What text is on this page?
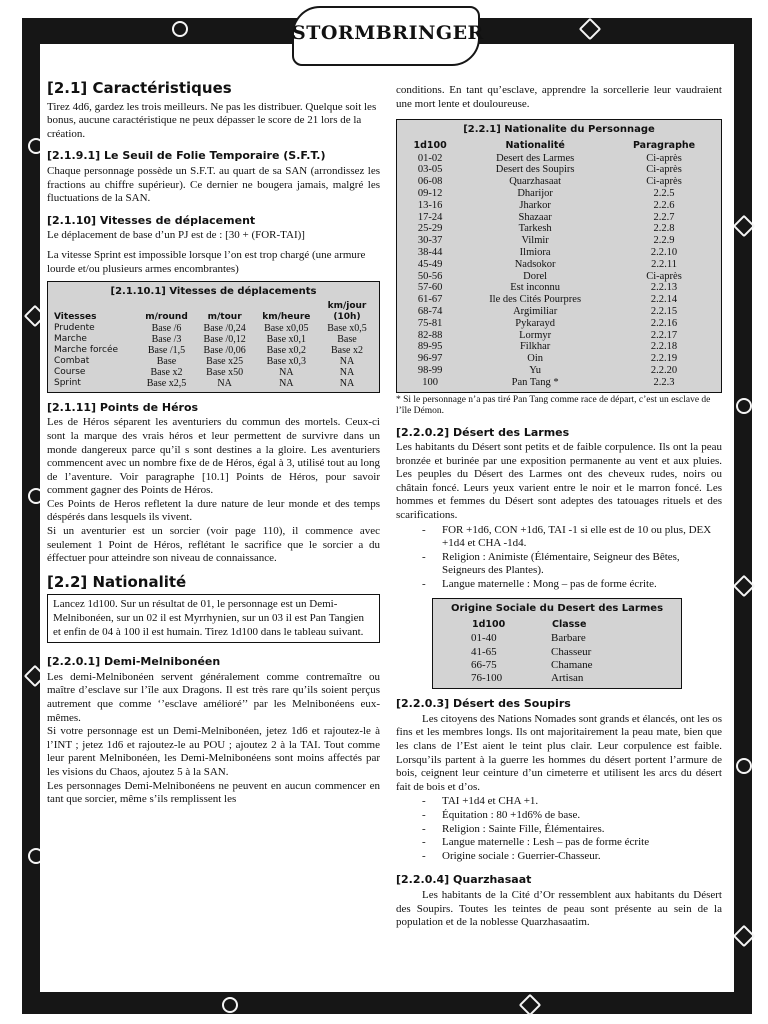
STORMBRINGER
[2.1] Caractéristiques

Tirez 4d6, gardez les trois meilleurs. Ne pas les distribuer. Quelque soit les bonus, aucune caractéristique ne peux dépasser le score de 21 lors de la création.

[2.1.9.1] Le Seuil de Folie Temporaire (S.F.T.)

Chaque personnage possède un S.F.T. au quart de sa SAN (arrondissez les fractions au chiffre supérieur). Ce dernier ne bougera jamais, malgré les fluctuations de la SAN.

[2.1.10] Vitesses de déplacement

Le déplacement de base d’un PJ est de : [30 + (FOR-TAI)]

La vitesse Sprint est impossible lorsque l’on est trop chargé (une armure lourde et/ou plusieurs armes encombrantes)

[2.1.10.1] Vitesses de déplacements
Vitesses	m/round	m/tour	km/heure	km/jour (10h)
Prudente	Base /6	Base /0,24	Base x0,05	Base x0,5
Marche	Base /3	Base /0,12	Base x0,1	Base
Marche forcée	Base /1,5	Base /0,06	Base x0,2	Base x2
Combat	Base	Base x25	Base x0,3	NA
Course	Base x2	Base x50	NA	NA
Sprint	Base x2,5	NA	NA	NA
[2.1.11] Points de Héros

Les de Héros séparent les aventuriers du commun des mortels. Ceux-ci sont la marque des vrais héros et leur permettent de survivre dans un monde dangereux parce qu’il s sont destines a la gloire. Les aventuriers commencent avec un nombre fixe de de Héros, égal à 3, utilisé tout au long de l’aventure. Voir paragraphe [10.1] Points de Héros, pour savoir comment gagner des Points de Héros.

Ces Points de Heros refletent la dure nature de leur monde et des temps déspérés dans lesquels ils vivent.

Si un aventurier est un sorcier (voir page 110), il commence avec seulement 1 Point de Héros, reflétant le sacrifice que le sorcier a du éffectuer pour atteindre son niveau de connaissance.

[2.2] Nationalité

Lancez 1d100. Sur un résultat de 01, le personnage est un Demi-Melnibonéen, sur un 02 il est Myrrhynien, sur un 03 il est Pan Tangien et enfin de 04 à 100 il est humain. Tirez 1d100 dans le tableau suivant.

[2.2.0.1] Demi-Melnibonéen

Les demi-Melnibonéen servent généralement comme contremaître ou maître d’esclave sur l’île aux Dragons. Il est très rare qu’ils soient perçus autrement que comme ‘’esclave amélioré’’ par les Melnibonéens eux-mêmes.

Si votre personnage est un Demi-Melnibonéen, jetez 1d6 et rajoutez-le à l’INT ; jetez 1d6 et rajoutez-le au POU ; ajoutez 2 à la TAI. Tout comme leur parent Melnibonéen, les Demi-Melnibonéens sont moins affectés par les visions du Chaos, ajoutez 5 à la SAN.

Les personnages Demi-Melnibonéens ne peuvent en aucun commencer en tant que sorcier, même s’ils remplissent les

conditions. En tant qu’esclave, apprendre la sorcellerie leur vaudraient une mort lente et douloureuse.

[2.2.1] Nationalite du Personnage
1d100	Nationalité	Paragraphe
01-02	Desert des Larmes	Ci-après
03-05	Desert des Soupirs	Ci-après
06-08	Quarzhasaat	Ci-après
09-12	Dharijor	2.2.5
13-16	Jharkor	2.2.6
17-24	Shazaar	2.2.7
25-29	Tarkesh	2.2.8
30-37	Vilmir	2.2.9
38-44	Ilmiora	2.2.10
45-49	Nadsokor	2.2.11
50-56	Dorel	Ci-après
57-60	Est inconnu	2.2.13
61-67	Ile des Cités Pourpres	2.2.14
68-74	Argimiliar	2.2.15
75-81	Pykarayd	2.2.16
82-88	Lormyr	2.2.17
89-95	Filkhar	2.2.18
96-97	Oin	2.2.19
98-99	Yu	2.2.20
100	Pan Tang *	2.2.3

* Si le personnage n’a pas tiré Pan Tang comme race de départ, c’est un esclave de l’île Démon.

[2.2.0.2] Désert des Larmes

Les habitants du Désert sont petits et de faible corpulence. Ils ont la peau bronzée et burinée par une exposition permanente au vent et aux pluies. Les peuples du Désert des Larmes ont des cheveux rudes, noirs ou châtain foncé. Leurs yeux varient entre le noir et le marron foncé. Les hommes et femmes du Désert sont adeptes des tatouages rituels et des scarifications.

- FOR +1d6, CON +1d6, TAI -1 si elle est de 10 ou plus, DEX +1d4 et CHA -1d4.
- Religion : Animiste (Élémentaire, Seigneur des Bêtes, Seigneurs des Plantes).
- Langue maternelle : Mong – pas de forme écrite.
Origine Sociale du Desert des Larmes
1d100	Classe
01-40	Barbare
41-65	Chasseur
66-75	Chamane
76-100	Artisan
[2.2.0.3] Désert des Soupirs

Les citoyens des Nations Nomades sont grands et élancés, ont les os fins et les membres longs. Ils ont majoritairement la peau mate, bien que les clans de l’Est aient le teint plus clair. Leur corpulence est faible. Lorsqu’ils partent à la guerre les hommes du désert portent l’armure de bois, ceignent leur ceinture d’un cimeterre et utilisent les arcs du désert fait de bois et d’os.

- TAI +1d4 et CHA +1.
- Équitation : 80 +1d6% de base.
- Religion : Sainte Fille, Élémentaires.
- Langue maternelle : Lesh – pas de forme écrite
- Origine sociale : Guerrier-Chasseur.
[2.2.0.4] Quarzhasaat

Les habitants de la Cité d’Or ressemblent aux habitants du Désert des Soupirs. Toutes les teintes de peau sont présente au sein de la population et de la noblesse Quarzhasaatim.
